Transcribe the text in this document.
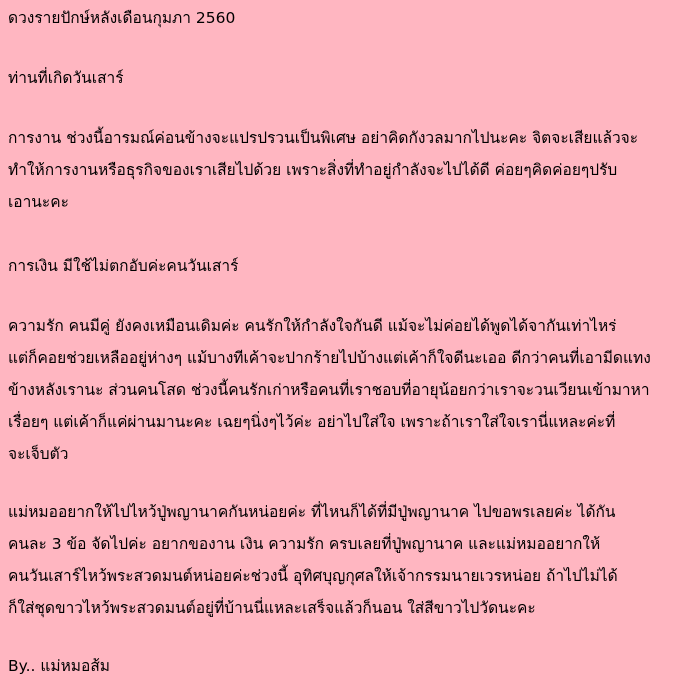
ดวงรายปักษ์หลังเดือนกุมภา 2560
ท่านที่เกิดวันเสาร์
การงาน ช่วงนี้อารมณ์ค่อนข้างจะแปรปรวนเป็นพิเศษ อย่าคิดกังวลมากไปนะคะ จิตจะเสียแล้วจะ
ทำให้การงานหรือธุรกิจของเราเสียไปด้วย เพราะสิ่งที่ทำอยู่กำลังจะไปได้ดี ค่อยๆคิดค่อยๆปรับ
เอานะคะ
การเงิน มีใช้ไม่ตกอับค่ะคนวันเสาร์
ความรัก คนมีคู่ ยังคงเหมือนเดิมค่ะ คนรักให้กำลังใจกันดี แม้จะไม่ค่อยได้พูดได้จากันเท่าไหร่
แต่ก็คอยช่วยเหลืออยู่ห่างๆ แม้บางทีเค้าจะปากร้ายไปบ้างแต่เค้าก็ใจดีนะเออ ดีกว่าคนที่เอามีดแทง
ข้างหลังเรานะ ส่วนคนโสด ช่วงนี้คนรักเก่าหรือคนที่เราชอบที่อายุน้อยกว่าเราจะวนเวียนเข้ามาหา
เรื่อยๆ แต่เค้าก็แค่ผ่านมานะคะ เฉยๆนิ่งๆไว้ค่ะ อย่าไปใส่ใจ เพราะถ้าเราใส่ใจเรานี่แหละค่ะที่
จะเจ็บตัว
แม่หมออยากให้ไปไหว้ปู่พญานาคกันหน่อยค่ะ ที่ไหนก็ได้ที่มีปู่พญานาค ไปขอพรเลยค่ะ ได้กัน
คนละ 3 ข้อ จัดไปค่ะ อยากของาน เงิน ความรัก ครบเลยที่ปู่พญานาค และแม่หมออยากให้
คนวันเสาร์ไหว้พระสวดมนต์หน่อยค่ะช่วงนี้ อุทิศบุญกุศลให้เจ้ากรรมนายเวรหน่อย ถ้าไปไม่ได้
ก็ใส่ชุดขาวไหว้พระสวดมนต์อยู่ที่บ้านนี่แหละเสร็จแล้วก็นอน ใส่สีขาวไปวัดนะคะ
By.. แม่หมอส้ม
